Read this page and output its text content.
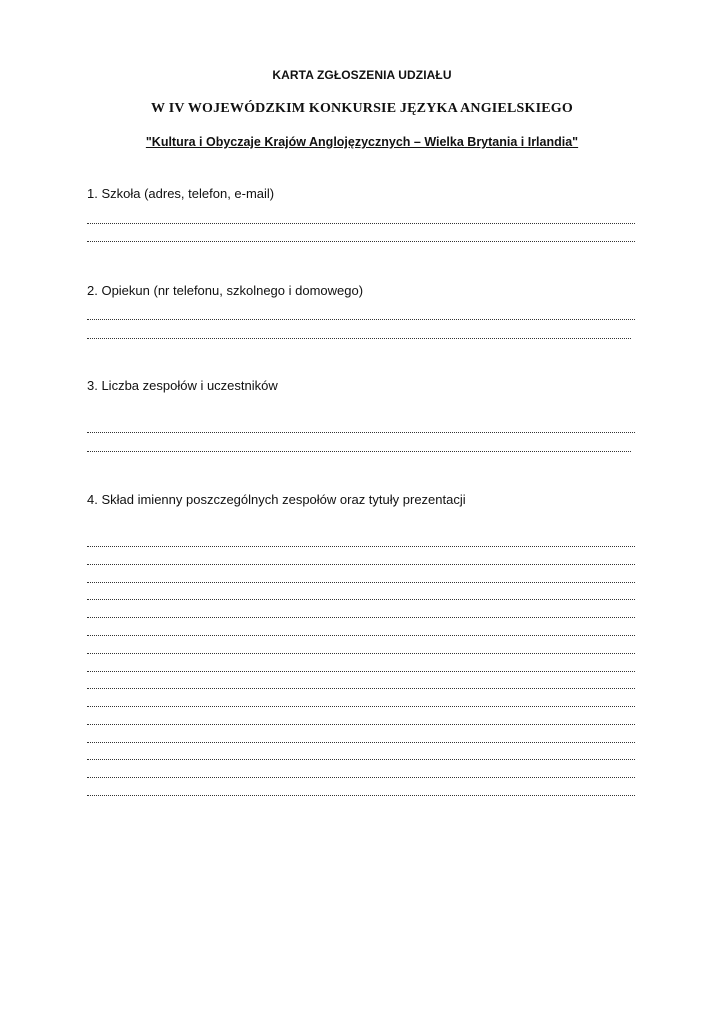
KARTA ZGŁOSZENIA UDZIAŁU
W IV WOJEWÓDZKIM KONKURSIE JĘZYKA ANGIELSKIEGO
"Kultura i Obyczaje Krajów Anglojęzycznych – Wielka Brytania i Irlandia"
1. Szkoła (adres, telefon, e-mail)
2. Opiekun (nr telefonu, szkolnego i domowego)
3. Liczba zespołów i uczestników
4. Skład imienny poszczególnych zespołów oraz tytuły prezentacji
